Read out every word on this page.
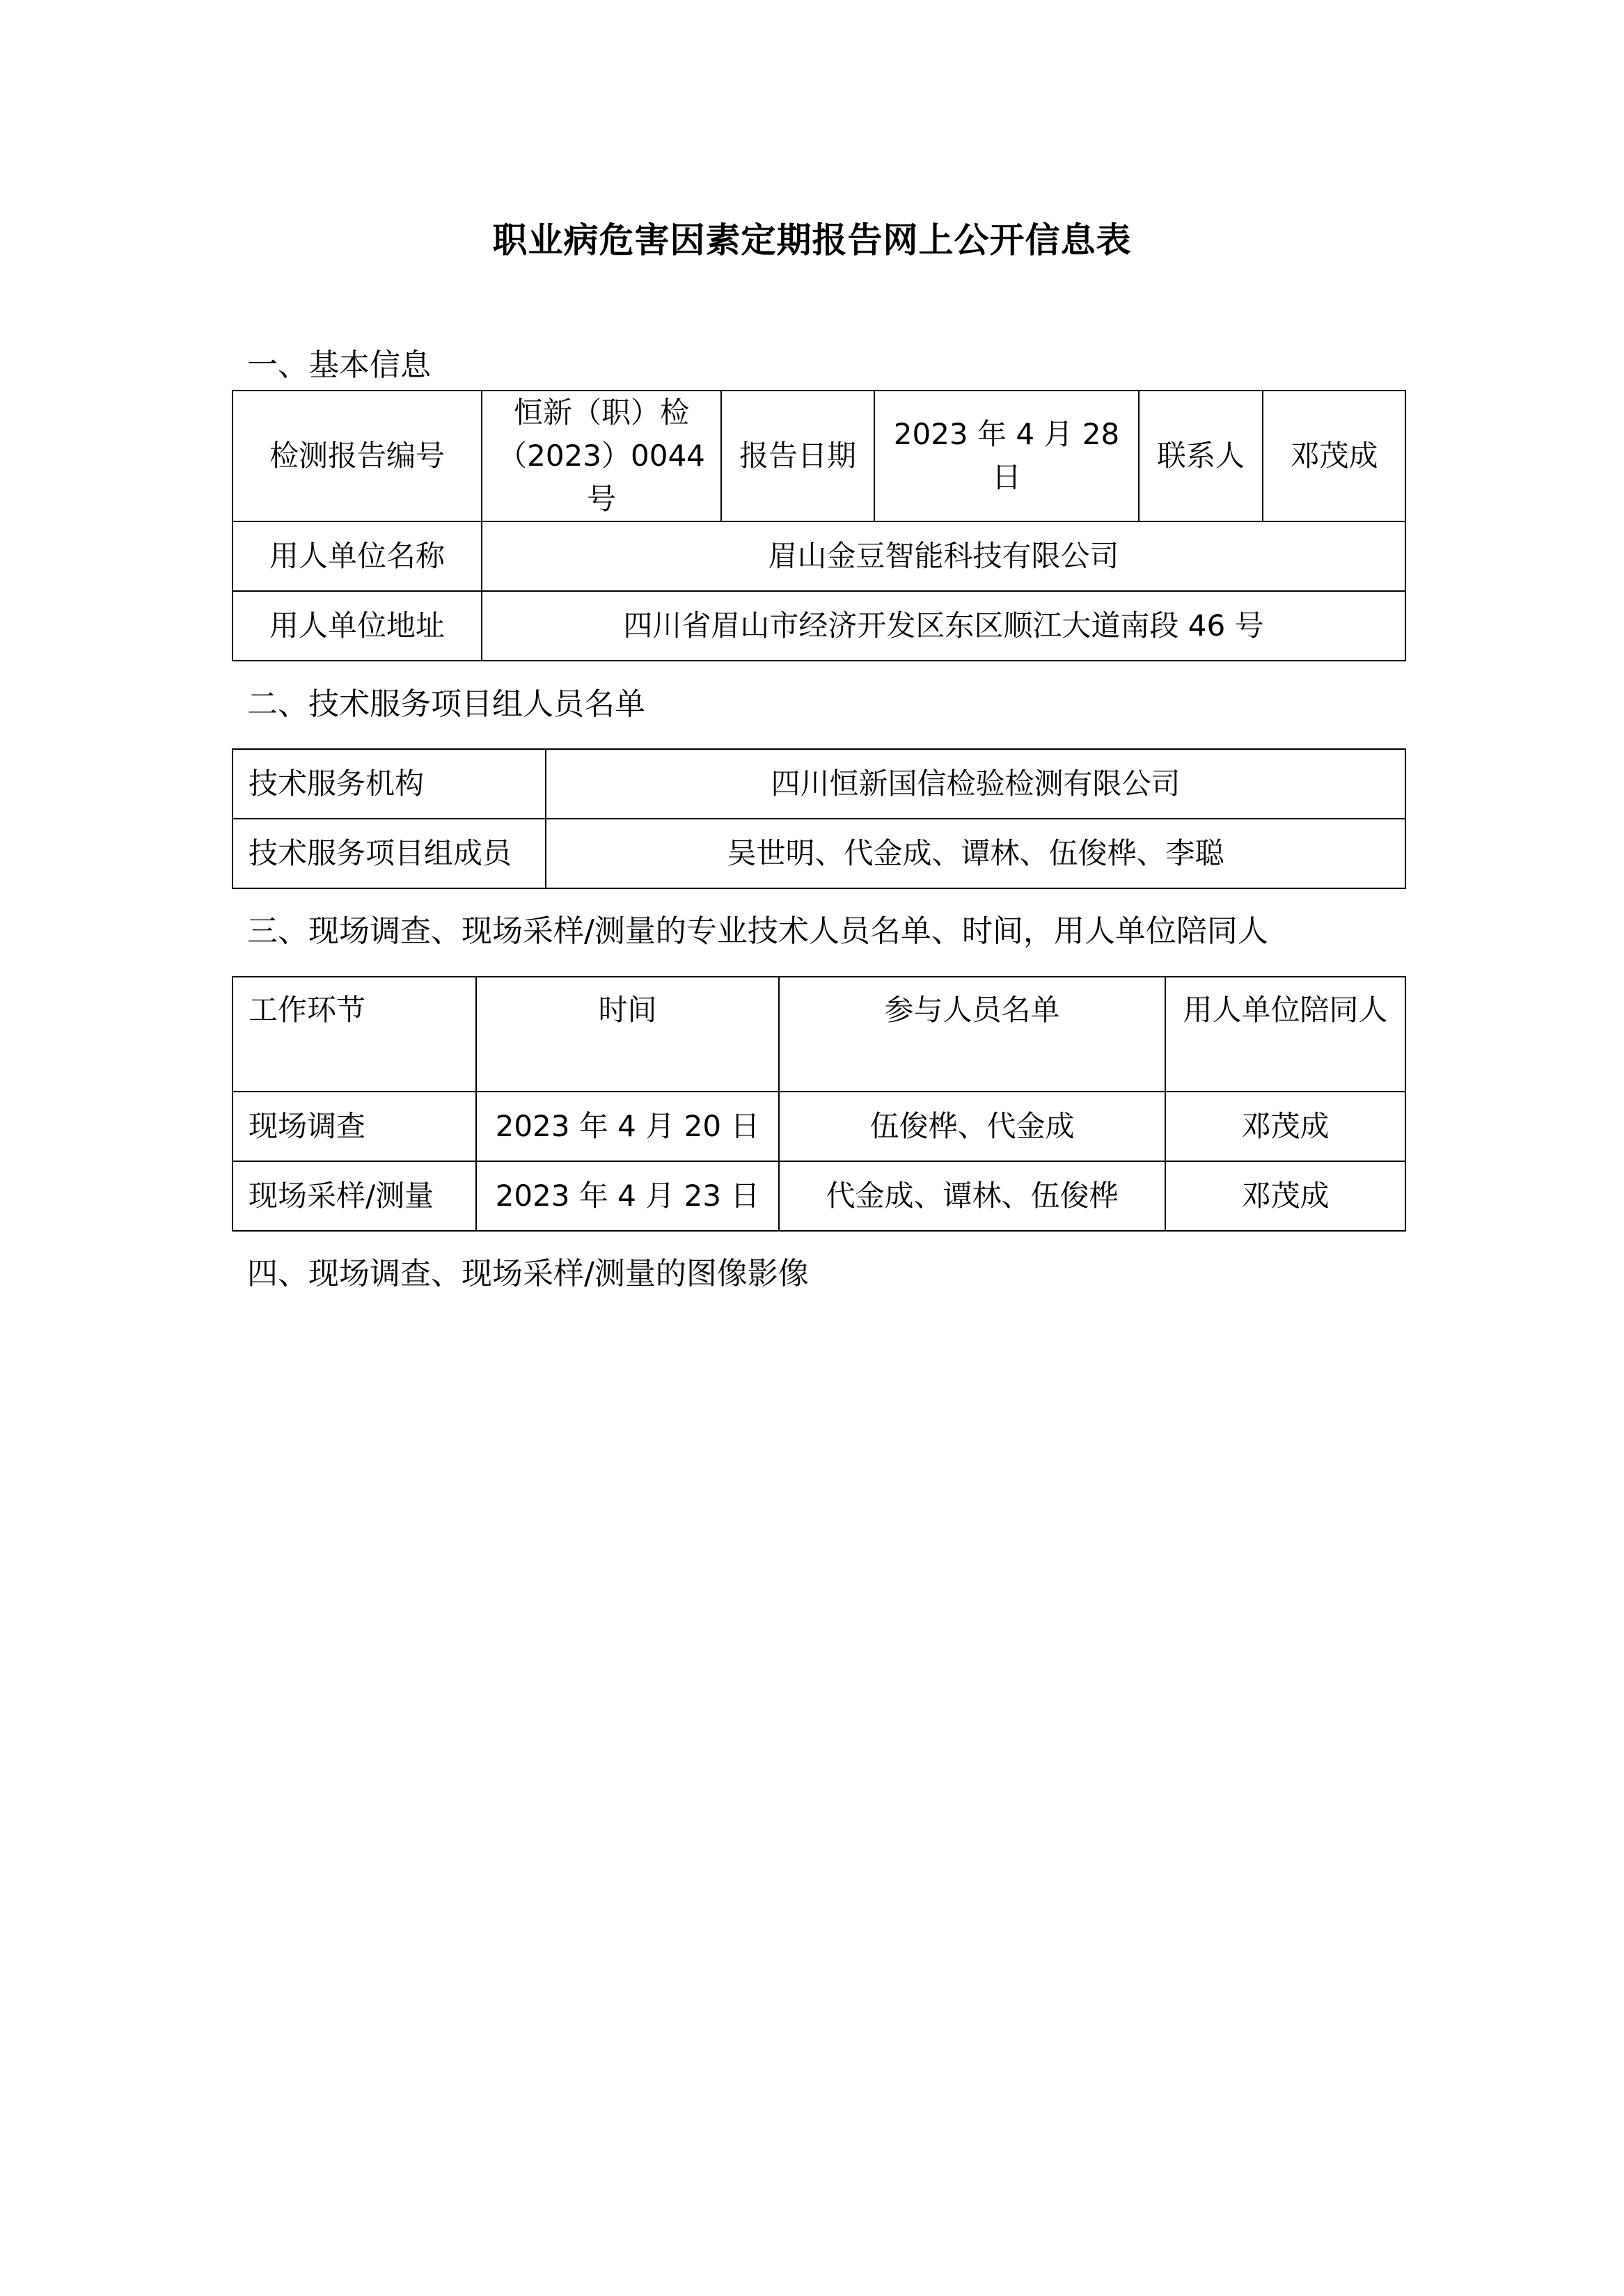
职业病危害因素定期报告网上公开信息表
一、基本信息
检测报告编号	恒新（职）检（2023）0044 号	报告日期	2023 年 4 月 28 日	联系人	邓茂成
用人单位名称	眉山金豆智能科技有限公司				
用人单位地址	四川省眉山市经济开发区东区顺江大道南段 46 号				
二、技术服务项目组人员名单
技术服务机构	四川恒新国信检验检测有限公司
技术服务项目组成员	吴世明、代金成、谭林、伍俊桦、李聪
三、现场调查、现场采样/测量的专业技术人员名单、时间，用人单位陪同人
工作环节	时间	参与人员名单	用人单位陪同人
现场调查	2023 年 4 月 20 日	伍俊桦、代金成	邓茂成
现场采样/测量	2023 年 4 月 23 日	代金成、谭林、伍俊桦	邓茂成
四、现场调查、现场采样/测量的图像影像
